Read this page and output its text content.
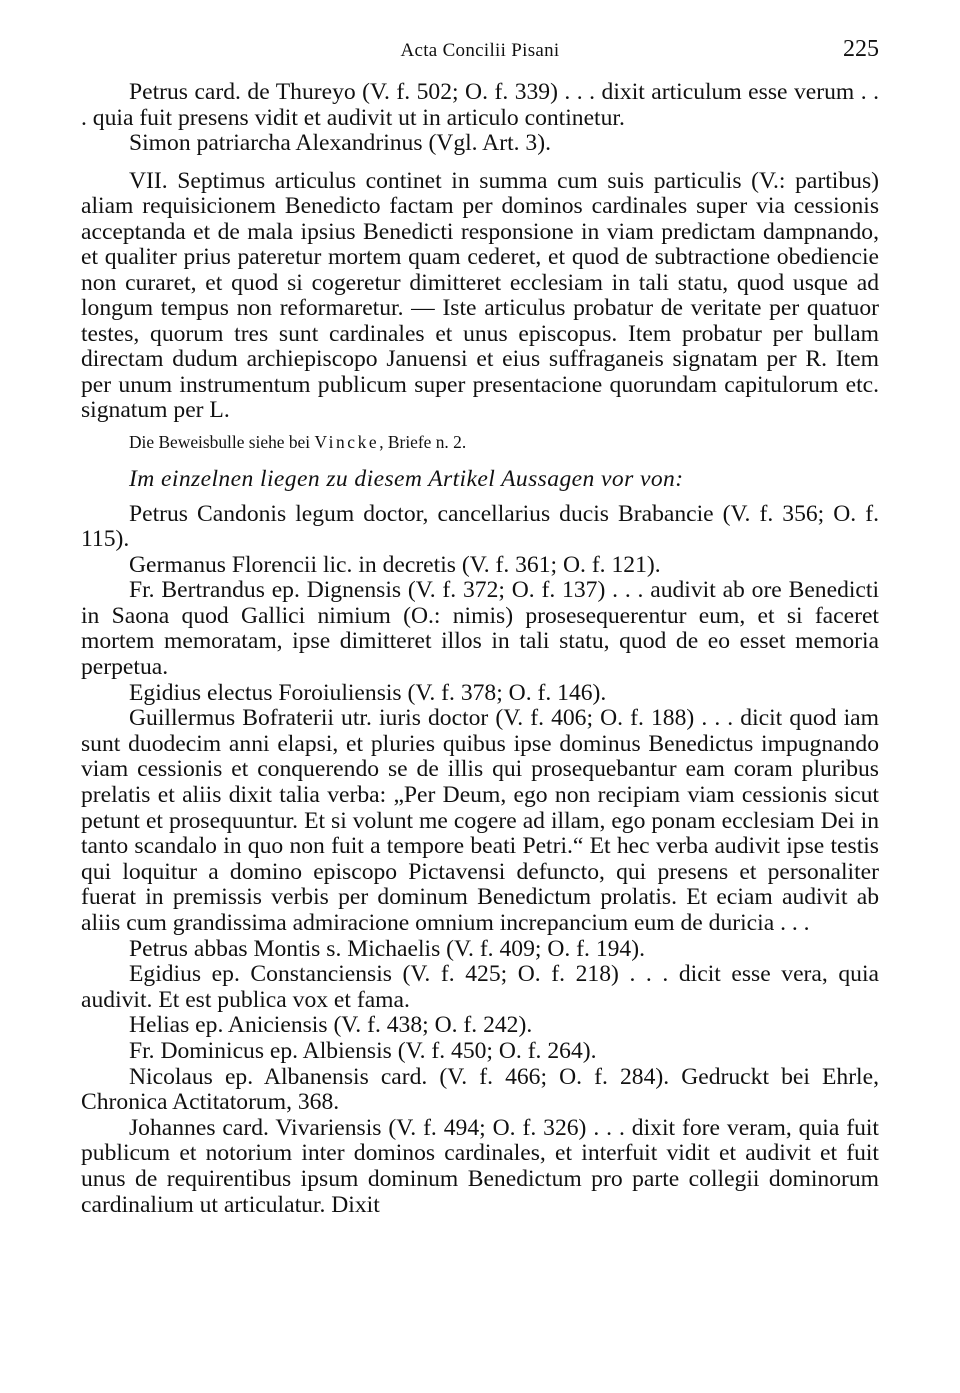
Acta Concilii Pisani	225

Petrus card. de Thureyo (V. f. 502; O. f. 339) . . . dixit articulum esse verum . . . quia fuit presens vidit et audivit ut in articulo continetur.

Simon patriarcha Alexandrinus (Vgl. Art. 3).

VII. Septimus articulus continet in summa cum suis particulis (V.: partibus) aliam requisicionem Benedicto factam per dominos cardinales super via cessionis acceptanda et de mala ipsius Benedicti responsione in viam predictam dampnando, et qualiter prius pateretur mortem quam cederet, et quod de subtractione obediencie non curaret, et quod si cogeretur dimitteret ecclesiam in tali statu, quod usque ad longum tempus non reformaretur. — Iste articulus probatur de veritate per quatuor testes, quorum tres sunt cardinales et unus episcopus. Item probatur per bullam directam dudum archiepiscopo Januensi et eius suffraganeis signatam per R. Item per unum instrumentum publicum super presentacione quorundam capitulorum etc. signatum per L.

Die Beweisbulle siehe bei Vincke, Briefe n. 2.

Im einzelnen liegen zu diesem Artikel Aussagen vor von:

Petrus Candonis legum doctor, cancellarius ducis Brabancie (V. f. 356; O. f. 115).

Germanus Florencii lic. in decretis (V. f. 361; O. f. 121).

Fr. Bertrandus ep. Dignensis (V. f. 372; O. f. 137) . . . audivit ab ore Benedicti in Saona quod Gallici nimium (O.: nimis) prosesequerentur eum, et si faceret mortem memoratam, ipse dimitteret illos in tali statu, quod de eo esset memoria perpetua.

Egidius electus Foroiuliensis (V. f. 378; O. f. 146).

Guillermus Bofraterii utr. iuris doctor (V. f. 406; O. f. 188) . . . dicit quod iam sunt duodecim anni elapsi, et pluries quibus ipse dominus Benedictus impugnando viam cessionis et conquerendo se de illis qui prosequebantur eam coram pluribus prelatis et aliis dixit talia verba: „Per Deum, ego non recipiam viam cessionis sicut petunt et prosequuntur. Et si volunt me cogere ad illam, ego ponam ecclesiam Dei in tanto scandalo in quo non fuit a tempore beati Petri.“ Et hec verba audivit ipse testis qui loquitur a domino episcopo Pictavensi defuncto, qui presens et personaliter fuerat in premissis verbis per dominum Benedictum prolatis. Et eciam audivit ab aliis cum grandissima admiracione omnium increpancium eum de duricia . . .

Petrus abbas Montis s. Michaelis (V. f. 409; O. f. 194).

Egidius ep. Constanciensis (V. f. 425; O. f. 218) . . . dicit esse vera, quia audivit. Et est publica vox et fama.

Helias ep. Aniciensis (V. f. 438; O. f. 242).

Fr. Dominicus ep. Albiensis (V. f. 450; O. f. 264).

Nicolaus ep. Albanensis card. (V. f. 466; O. f. 284). Gedruckt bei Ehrle, Chronica Actitatorum, 368.

Johannes card. Vivariensis (V. f. 494; O. f. 326) . . . dixit fore veram, quia fuit publicum et notorium inter dominos cardinales, et interfuit vidit et audivit et fuit unus de requirentibus ipsum dominum Benedictum pro parte collegii dominorum cardinalium ut articulatur. Dixit
